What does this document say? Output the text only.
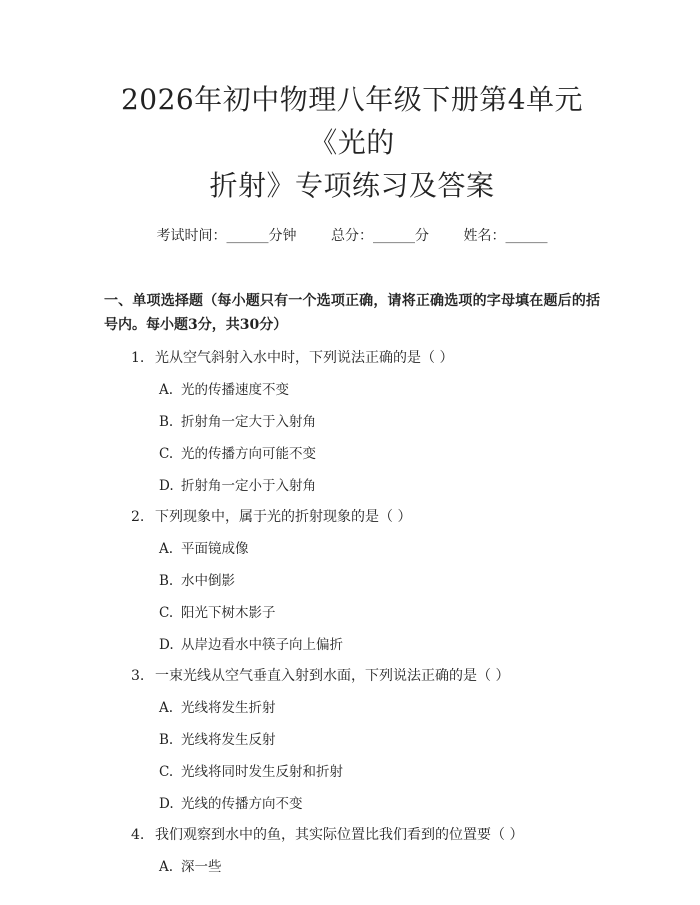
2026年初中物理八年级下册第4单元《光的
折射》专项练习及答案
考试时间：______分钟 总分：______分 姓名：______
一、单项选择题（每小题只有一个选项正确，请将正确选项的字母填在题后的括号内。每小题3分，共30分）
1. 光从空气斜射入水中时，下列说法正确的是（ ）
A. 光的传播速度不变
B. 折射角一定大于入射角
C. 光的传播方向可能不变
D. 折射角一定小于入射角
2. 下列现象中，属于光的折射现象的是（ ）
A. 平面镜成像
B. 水中倒影
C. 阳光下树木影子
D. 从岸边看水中筷子向上偏折
3. 一束光线从空气垂直入射到水面，下列说法正确的是（ ）
A. 光线将发生折射
B. 光线将发生反射
C. 光线将同时发生反射和折射
D. 光线的传播方向不变
4. 我们观察到水中的鱼，其实际位置比我们看到的位置要（ ）
A. 深一些
